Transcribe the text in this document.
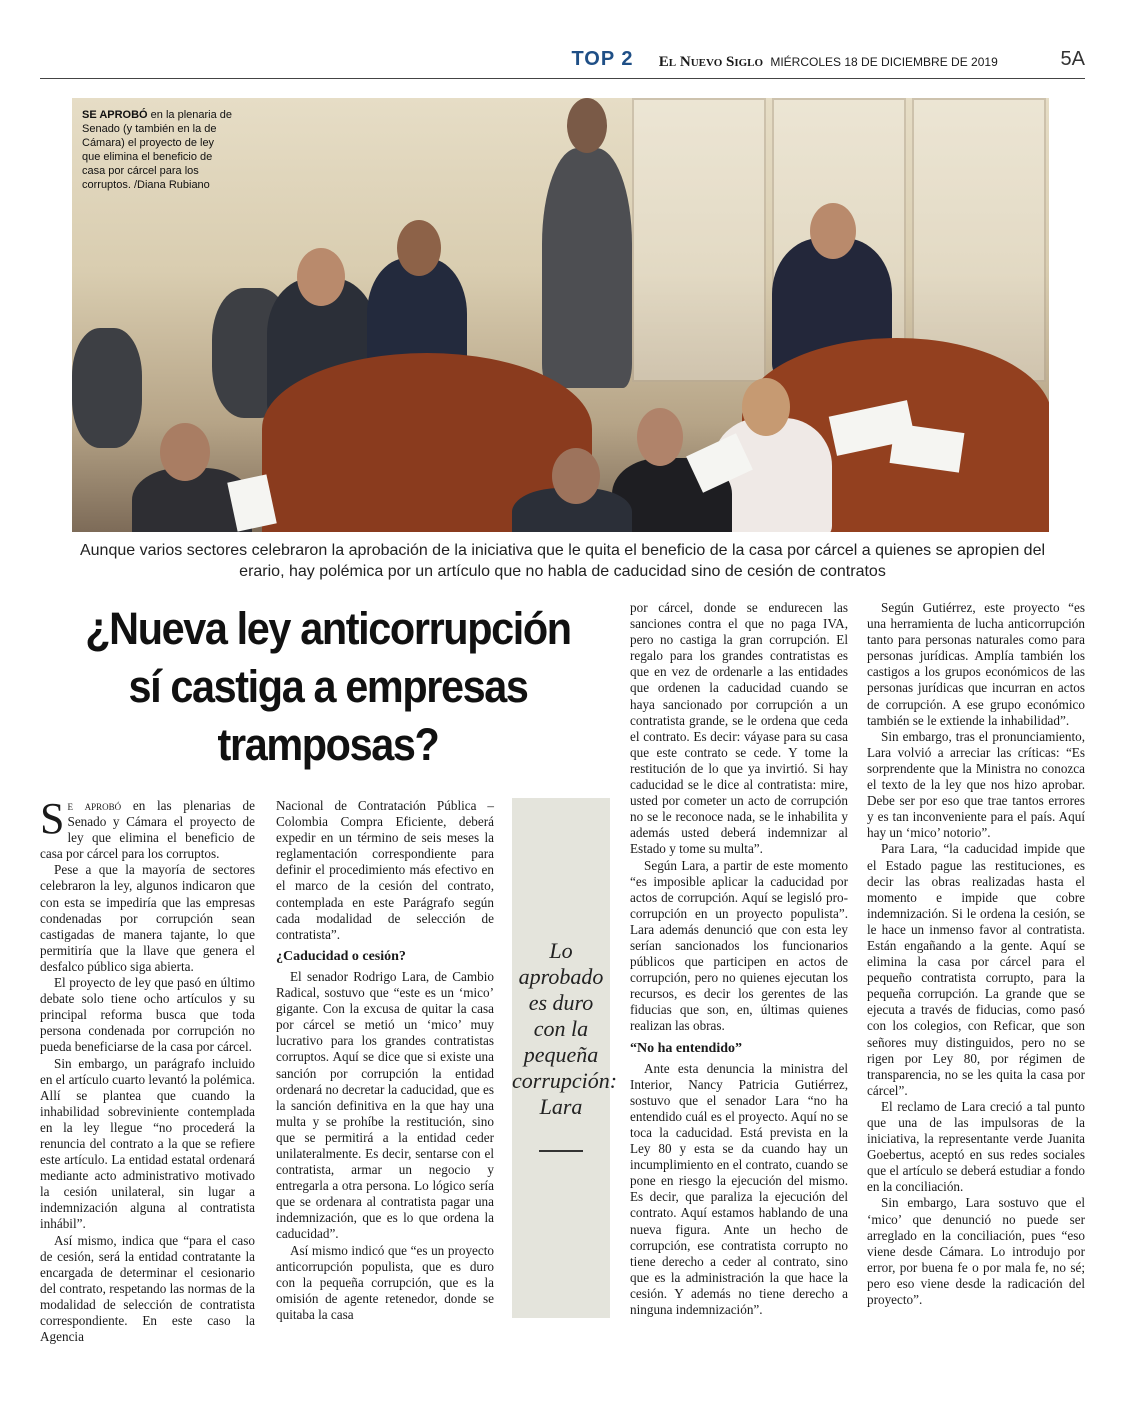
TOP 2	El Nuevo Siglo MIÉRCOLES 18 DE DICIEMBRE DE 2019	5A
SE APROBÓ en la plenaria de Senado (y también en la de Cámara) el proyecto de ley que elimina el beneficio de casa por cárcel para los corruptos. /Diana Rubiano
Aunque varios sectores celebraron la aprobación de la iniciativa que le quita el beneficio de la casa por cárcel a quienes se apropien del erario, hay polémica por un artículo que no habla de caducidad sino de cesión de contratos
¿Nueva ley anticorrupción
sí castiga a empresas
tramposas?

Se aprobó en las plenarias de Senado y Cámara el proyecto de ley que elimina el beneficio de casa por cárcel para los corruptos.

Pese a que la mayoría de sectores celebraron la ley, algunos indicaron que con esta se impediría que las empresas condenadas por corrupción sean castigadas de manera tajante, lo que permitiría que la llave que genera el desfalco público siga abierta.

El proyecto de ley que pasó en último debate solo tiene ocho artículos y su principal reforma busca que toda persona condenada por corrupción no pueda beneficiarse de la casa por cárcel.

Sin embargo, un parágrafo incluido en el artículo cuarto levantó la polémica. Allí se plantea que cuando la inhabilidad sobreviniente contemplada en la ley llegue “no procederá la renuncia del contrato a la que se refiere este artículo. La entidad estatal ordenará mediante acto administrativo motivado la cesión unilateral, sin lugar a indemnización alguna al contratista inhábil”.

Así mismo, indica que “para el caso de cesión, será la entidad contratante la encargada de determinar el cesionario del contrato, respetando las normas de la modalidad de selección de contratista correspondiente. En este caso la Agencia

Nacional de Contratación Pública –Colombia Compra Eficiente, deberá expedir en un término de seis meses la reglamentación correspondiente para definir el procedimiento más efectivo en el marco de la cesión del contrato, contemplada en este Parágrafo según cada modalidad de selección de contratista”.

¿Caducidad o cesión?

El senador Rodrigo Lara, de Cambio Radical, sostuvo que “este es un ‘mico’ gigante. Con la excusa de quitar la casa por cárcel se metió un ‘mico’ muy lucrativo para los grandes contratistas corruptos. Aquí se dice que si existe una sanción por corrupción la entidad ordenará no decretar la caducidad, que es la sanción definitiva en la que hay una multa y se prohíbe la restitución, sino que se permitirá a la entidad ceder unilateralmente. Es decir, sentarse con el contratista, armar un negocio y entregarla a otra persona. Lo lógico sería que se ordenara al contratista pagar una indemnización, que es lo que ordena la caducidad”.

Así mismo indicó que “es un proyecto anticorrupción populista, que es duro con la pequeña corrupción, que es la omisión de agente retenedor, donde se quitaba la casa

Lo aprobado es duro con la pequeña corrupción: Lara

por cárcel, donde se endurecen las sanciones contra el que no paga IVA, pero no castiga la gran corrupción. El regalo para los grandes contratistas es que en vez de ordenarle a las entidades que ordenen la caducidad cuando se haya sancionado por corrupción a un contratista grande, se le ordena que ceda el contrato. Es decir: váyase para su casa que este contrato se cede. Y tome la restitución de lo que ya invirtió. Si hay caducidad se le dice al contratista: mire, usted por cometer un acto de corrupción no se le reconoce nada, se le inhabilita y además usted deberá indemnizar al Estado y tome su multa”.

Según Lara, a partir de este momento “es imposible aplicar la caducidad por actos de corrupción. Aquí se legisló pro-corrupción en un proyecto populista”. Lara además denunció que con esta ley serían sancionados los funcionarios públicos que participen en actos de corrupción, pero no quienes ejecutan los recursos, es decir los gerentes de las fiducias que son, en, últimas quienes realizan las obras.

“No ha entendido”

Ante esta denuncia la ministra del Interior, Nancy Patricia Gutiérrez, sostuvo que el senador Lara “no ha entendido cuál es el proyecto. Aquí no se toca la caducidad. Está prevista en la Ley 80 y esta se da cuando hay un incumplimiento en el contrato, cuando se pone en riesgo la ejecución del mismo. Es decir, que paraliza la ejecución del contrato. Aquí estamos hablando de una nueva figura. Ante un hecho de corrupción, ese contratista corrupto no tiene derecho a ceder al contrato, sino que es la administración la que hace la cesión. Y además no tiene derecho a ninguna indemnización”.

Según Gutiérrez, este proyecto “es una herramienta de lucha anticorrupción tanto para personas naturales como para personas jurídicas. Amplía también los castigos a los grupos económicos de las personas jurídicas que incurran en actos de corrupción. A ese grupo económico también se le extiende la inhabilidad”.

Sin embargo, tras el pronunciamiento, Lara volvió a arreciar las críticas: “Es sorprendente que la Ministra no conozca el texto de la ley que nos hizo aprobar. Debe ser por eso que trae tantos errores y es tan inconveniente para el país. Aquí hay un ‘mico’ notorio”.

Para Lara, “la caducidad impide que el Estado pague las restituciones, es decir las obras realizadas hasta el momento e impide que cobre indemnización. Si le ordena la cesión, se le hace un inmenso favor al contratista. Están engañando a la gente. Aquí se elimina la casa por cárcel para el pequeño contratista corrupto, para la pequeña corrupción. La grande que se ejecuta a través de fiducias, como pasó con los colegios, con Reficar, que son señores muy distinguidos, pero no se rigen por Ley 80, por régimen de transparencia, no se les quita la casa por cárcel”.

El reclamo de Lara creció a tal punto que una de las impulsoras de la iniciativa, la representante verde Juanita Goebertus, aceptó en sus redes sociales que el artículo se deberá estudiar a fondo en la conciliación.

Sin embargo, Lara sostuvo que el ‘mico’ que denunció no puede ser arreglado en la conciliación, pues “eso viene desde Cámara. Lo introdujo por error, por buena fe o por mala fe, no sé; pero eso viene desde la radicación del proyecto”.
